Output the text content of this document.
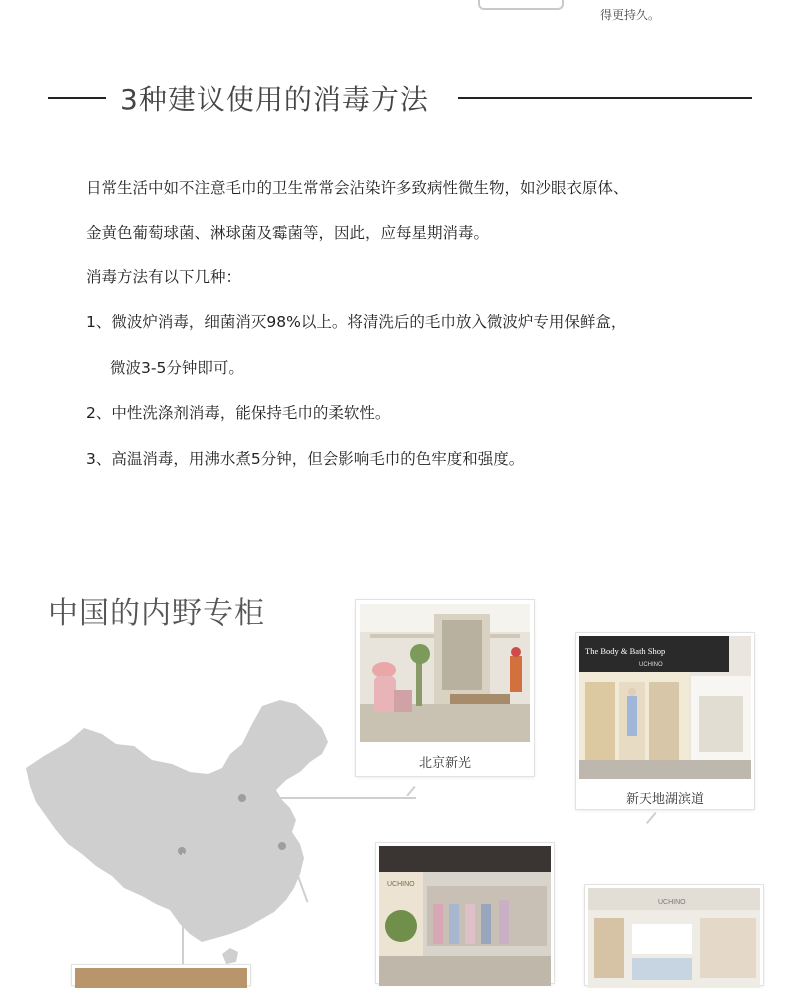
得更持久。
3种建议使用的消毒方法
日常生活中如不注意毛巾的卫生常常会沾染许多致病性微生物，如沙眼衣原体、
金黄色葡萄球菌、淋球菌及霉菌等，因此，应每星期消毒。
消毒方法有以下几种：
1、微波炉消毒，细菌消灭98%以上。将清洗后的毛巾放入微波炉专用保鲜盒，
微波3-5分钟即可。
2、中性洗涤剂消毒，能保持毛巾的柔软性。
3、高温消毒，用沸水煮5分钟，但会影响毛巾的色牢度和强度。
中国的内野专柜
北京新光
The Body & Bath Shop
UCHINO
新天地湖滨道
UCHINO
UCHINO
